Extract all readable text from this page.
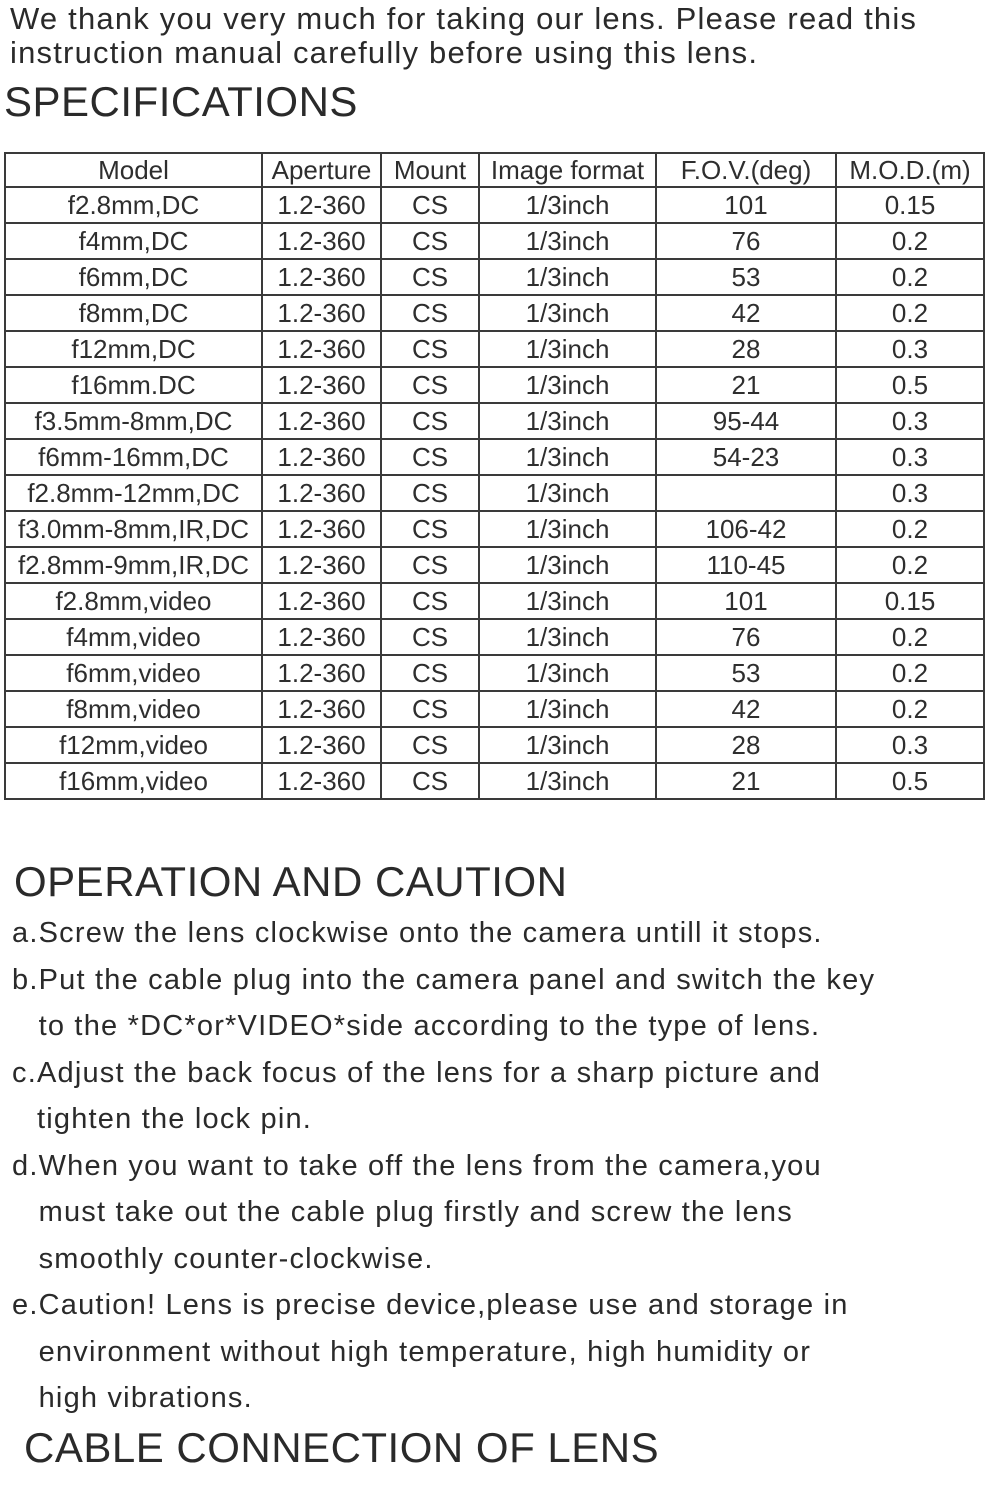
We thank you very much for taking our lens. Please read this
instruction manual carefully before using this lens.
SPECIFICATIONS
Model	Aperture	Mount	Image format	F.O.V.(deg)	M.O.D.(m)
f2.8mm,DC	1.2-360	CS	1/3inch	101	0.15
f4mm,DC	1.2-360	CS	1/3inch	76	0.2
f6mm,DC	1.2-360	CS	1/3inch	53	0.2
f8mm,DC	1.2-360	CS	1/3inch	42	0.2
f12mm,DC	1.2-360	CS	1/3inch	28	0.3
f16mm.DC	1.2-360	CS	1/3inch	21	0.5
f3.5mm-8mm,DC	1.2-360	CS	1/3inch	95-44	0.3
f6mm-16mm,DC	1.2-360	CS	1/3inch	54-23	0.3
f2.8mm-12mm,DC	1.2-360	CS	1/3inch		0.3
f3.0mm-8mm,IR,DC	1.2-360	CS	1/3inch	106-42	0.2
f2.8mm-9mm,IR,DC	1.2-360	CS	1/3inch	110-45	0.2
f2.8mm,video	1.2-360	CS	1/3inch	101	0.15
f4mm,video	1.2-360	CS	1/3inch	76	0.2
f6mm,video	1.2-360	CS	1/3inch	53	0.2
f8mm,video	1.2-360	CS	1/3inch	42	0.2
f12mm,video	1.2-360	CS	1/3inch	28	0.3
f16mm,video	1.2-360	CS	1/3inch	21	0.5
OPERATION AND CAUTION
a. Screw the lens clockwise onto the camera untill it stops.
b. Put the cable plug into the camera panel and switch the key
to the *DC*or*VIDEO*side according to the type of lens.
c. Adjust the back focus of the lens for a sharp picture and
tighten the lock pin.
d. When you want to take off the lens from the camera,you
must take out the cable plug firstly and screw the lens
smoothly counter-clockwise.
e. Caution! Lens is precise device,please use and storage in
environment without high temperature, high humidity or
high vibrations.
CABLE CONNECTION OF LENS
